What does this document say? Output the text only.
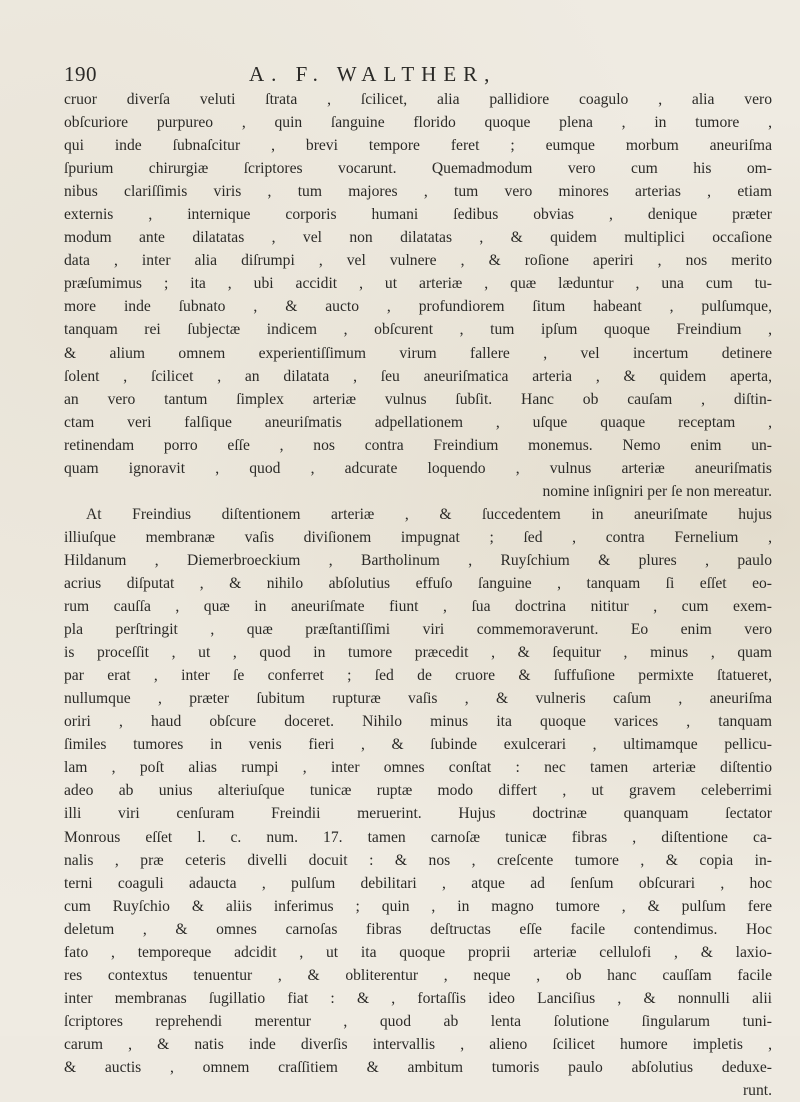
190	A. F. WALTHER,
cruor diverſa veluti ſtrata , ſcilicet, alia pallidiore coagulo , alia vero
obſcuriore purpureo , quin ſanguine florido quoque plena , in tumore ,
qui inde ſubnaſcitur , brevi tempore feret ; eumque morbum aneuriſma
ſpurium chirurgiæ ſcriptores vocarunt. Quemadmodum vero cum his om-
nibus clariſſimis viris , tum majores , tum vero minores arterias , etiam
externis , internique corporis humani ſedibus obvias , denique præter
modum ante dilatatas , vel non dilatatas , & quidem multiplici occaſione
data , inter alia diſrumpi , vel vulnere , & roſione aperiri , nos merito
præſumimus ; ita , ubi accidit , ut arteriæ , quæ læduntur , una cum tu-
more inde ſubnato , & aucto , profundiorem ſitum habeant , pulſumque,
tanquam rei ſubjectæ indicem , obſcurent , tum ipſum quoque Freindium ,
& alium omnem experientiſſimum virum fallere , vel incertum detinere
ſolent , ſcilicet , an dilatata , ſeu aneuriſmatica arteria , & quidem aperta,
an vero tantum ſimplex arteriæ vulnus ſubſit. Hanc ob cauſam , diſtin-
ctam veri falſique aneuriſmatis adpellationem , uſque quaque receptam ,
retinendam porro eſſe , nos contra Freindium monemus. Nemo enim un-
quam ignoravit , quod , adcurate loquendo , vulnus arteriæ aneuriſmatis
nomine inſigniri per ſe non mereatur.
At Freindius diſtentionem arteriæ , & ſuccedentem in aneuriſmate hujus
illiuſque membranæ vaſis diviſionem impugnat ; ſed , contra Fernelium ,
Hildanum , Diemerbroeckium , Bartholinum , Ruyſchium & plures , paulo
acrius diſputat , & nihilo abſolutius effuſo ſanguine , tanquam ſi eſſet eo-
rum cauſſa , quæ in aneuriſmate fiunt , ſua doctrina nititur , cum exem-
pla perſtringit , quæ præſtantiſſimi viri commemoraverunt. Eo enim vero
is proceſſit , ut , quod in tumore præcedit , & ſequitur , minus , quam
par erat , inter ſe conferret ; ſed de cruore & ſuffuſione permixte ſtatueret,
nullumque , præter ſubitum rupturæ vaſis , & vulneris caſum , aneuriſma
oriri , haud obſcure doceret. Nihilo minus ita quoque varices , tanquam
ſimiles tumores in venis fieri , & ſubinde exulcerari , ultimamque pellicu-
lam , poſt alias rumpi , inter omnes conſtat : nec tamen arteriæ diſtentio
adeo ab unius alteriuſque tunicæ ruptæ modo differt , ut gravem celeberrimi
illi viri cenſuram Freindii meruerint. Hujus doctrinæ quanquam ſectator
Monrous eſſet l. c. num. 17. tamen carnoſæ tunicæ fibras , diſtentione ca-
nalis , præ ceteris divelli docuit : & nos , creſcente tumore , & copia in-
terni coaguli adaucta , pulſum debilitari , atque ad ſenſum obſcurari , hoc
cum Ruyſchio & aliis inferimus ; quin , in magno tumore , & pulſum fere
deletum , & omnes carnoſas fibras deſtructas eſſe facile contendimus. Hoc
fato , temporeque adcidit , ut ita quoque proprii arteriæ cellulofi , & laxio-
res contextus tenuentur , & obliterentur , neque , ob hanc cauſſam facile
inter membranas ſugillatio fiat : & , fortaſſis ideo Lanciſius , & nonnulli alii
ſcriptores reprehendi merentur , quod ab lenta ſolutione ſingularum tuni-
carum , & natis inde diverſis intervallis , alieno ſcilicet humore impletis ,
& auctis , omnem craſſitiem & ambitum tumoris paulo abſolutius deduxe-
runt.
